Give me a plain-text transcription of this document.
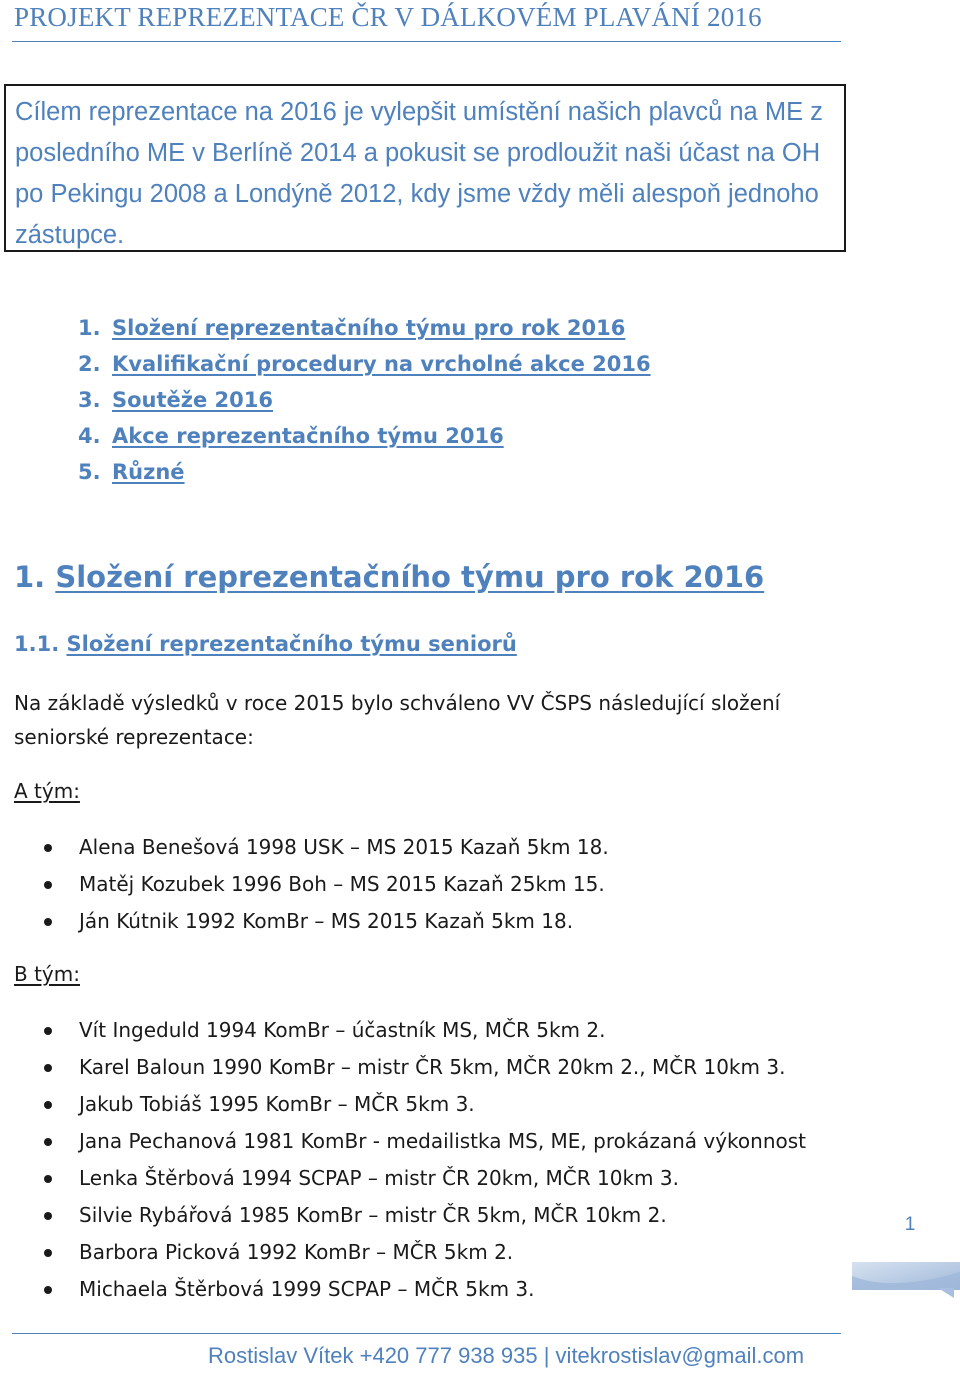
PROJEKT REPREZENTACE ČR V DÁLKOVÉM PLAVÁNÍ 2016

Cílem reprezentace na 2016 je vylepšit umístění našich plavců na ME z posledního ME v Berlíně 2014 a pokusit se prodloužit naši účast na OH po Pekingu 2008 a Londýně 2012, kdy jsme vždy měli alespoň jednoho zástupce.

1. Složení reprezentačního týmu pro rok 2016
2. Kvalifikační procedury na vrcholné akce 2016
3. Soutěže 2016
4. Akce reprezentačního týmu 2016
5. Různé
1. Složení reprezentačního týmu pro rok 2016
1.1. Složení reprezentačního týmu seniorů

Na základě výsledků v roce 2015 bylo schváleno VV ČSPS následující složení seniorské reprezentace:

A tým:
Alena Benešová 1998 USK – MS 2015 Kazaň 5km 18.
Matěj Kozubek 1996 Boh – MS 2015 Kazaň 25km 15.
Ján Kútnik 1992 KomBr – MS 2015 Kazaň 5km 18.
B tým:
Vít Ingeduld 1994 KomBr – účastník MS, MČR 5km 2.
Karel Baloun 1990 KomBr – mistr ČR 5km, MČR 20km 2., MČR 10km 3.
Jakub Tobiáš 1995 KomBr – MČR 5km 3.
Jana Pechanová 1981 KomBr - medailistka MS, ME, prokázaná výkonnost
Lenka Štěrbová 1994 SCPAP – mistr ČR 20km, MČR 10km 3.
Silvie Rybářová 1985 KomBr – mistr ČR 5km, MČR 10km 2.
Barbora Picková 1992 KomBr – MČR 5km 2.
Michaela Štěrbová 1999 SCPAP – MČR 5km 3.
1
Rostislav Vítek +420 777 938 935 | vitekrostislav@gmail.com
